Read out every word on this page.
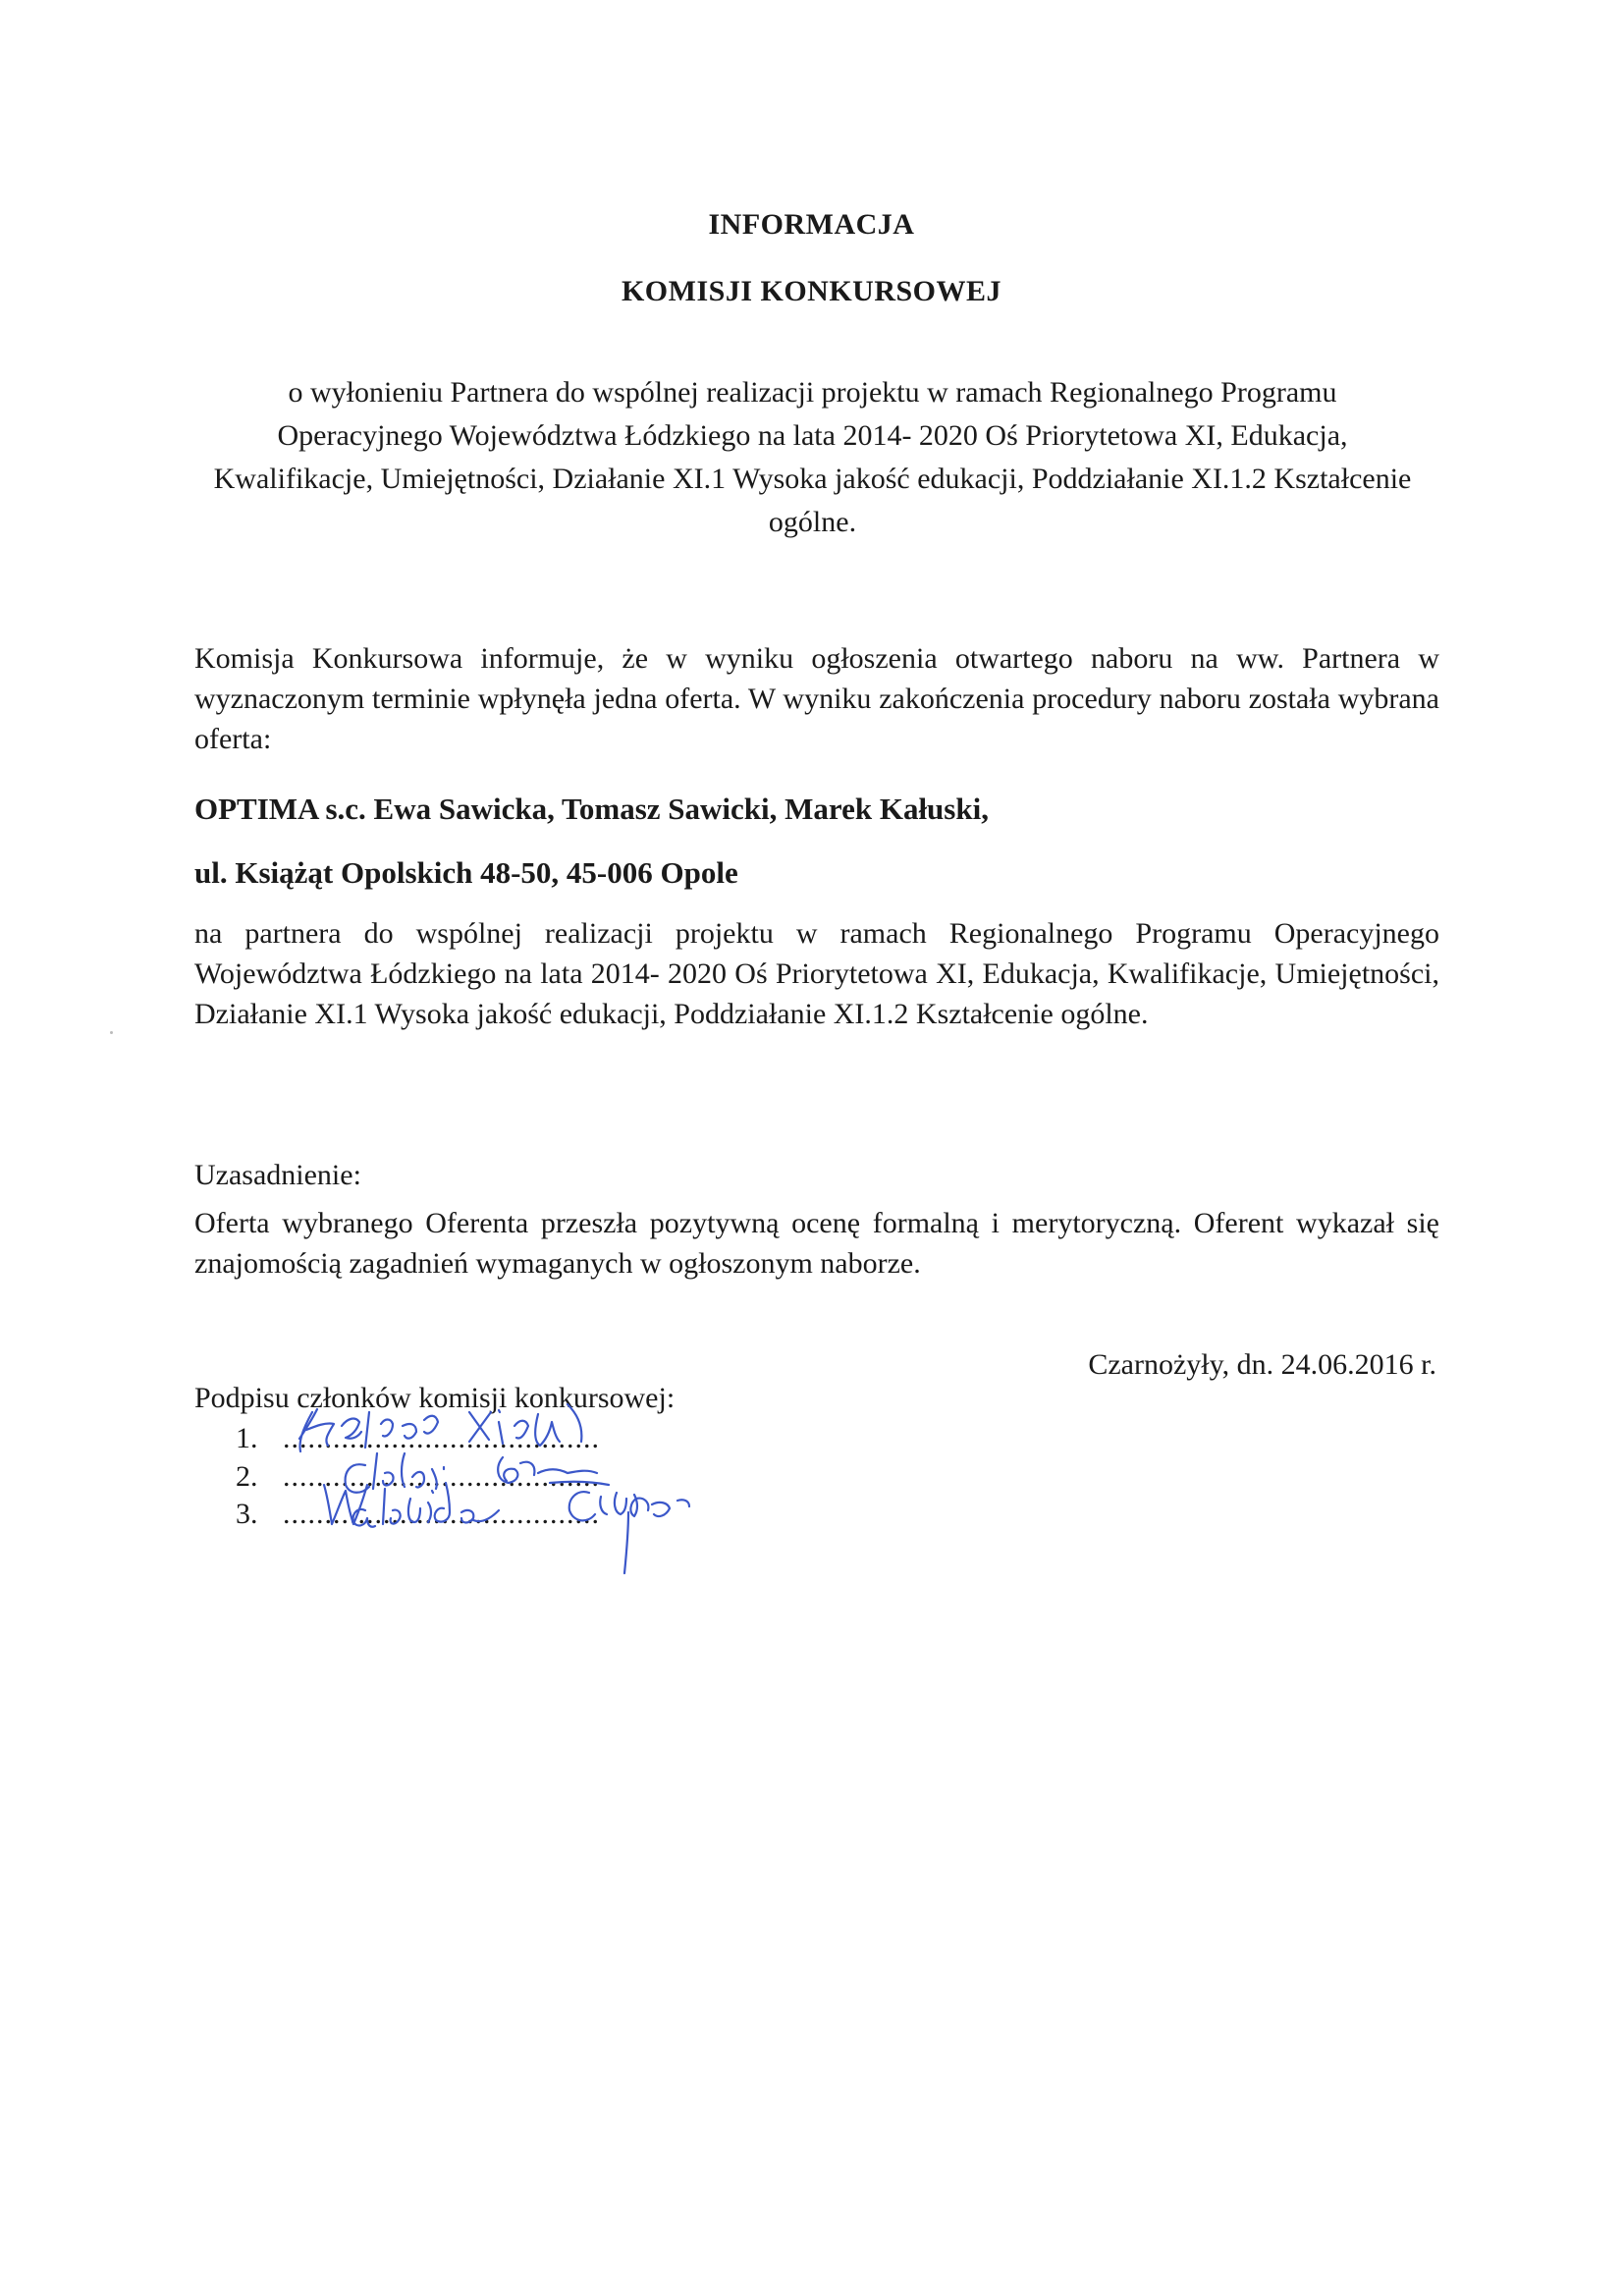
INFORMACJA
KOMISJI KONKURSOWEJ
o wyłonieniu Partnera do wspólnej realizacji projektu w ramach Regionalnego Programu Operacyjnego Województwa Łódzkiego na lata 2014- 2020 Oś Priorytetowa XI, Edukacja, Kwalifikacje, Umiejętności, Działanie XI.1 Wysoka jakość edukacji, Poddziałanie XI.1.2 Kształcenie ogólne.
Komisja Konkursowa informuje, że w wyniku ogłoszenia otwartego naboru na ww. Partnera w wyznaczonym terminie wpłynęła jedna oferta. W wyniku zakończenia procedury naboru została wybrana oferta:
OPTIMA s.c. Ewa Sawicka, Tomasz Sawicki, Marek Kałuski,
ul. Książąt Opolskich 48-50, 45-006 Opole
na partnera do wspólnej realizacji projektu w ramach Regionalnego Programu Operacyjnego Województwa Łódzkiego na lata 2014- 2020 Oś Priorytetowa XI, Edukacja, Kwalifikacje, Umiejętności, Działanie XI.1 Wysoka jakość edukacji, Poddziałanie XI.1.2 Kształcenie ogólne.
Uzasadnienie:
Oferta wybranego Oferenta przeszła pozytywną ocenę formalną i merytoryczną. Oferent wykazał się znajomością zagadnień wymaganych w ogłoszonym naborze.
Czarnożyły, dn. 24.06.2016 r.
Podpisu członków komisji konkursowej:
1. ......................................
2. ......................................
3. ......................................
